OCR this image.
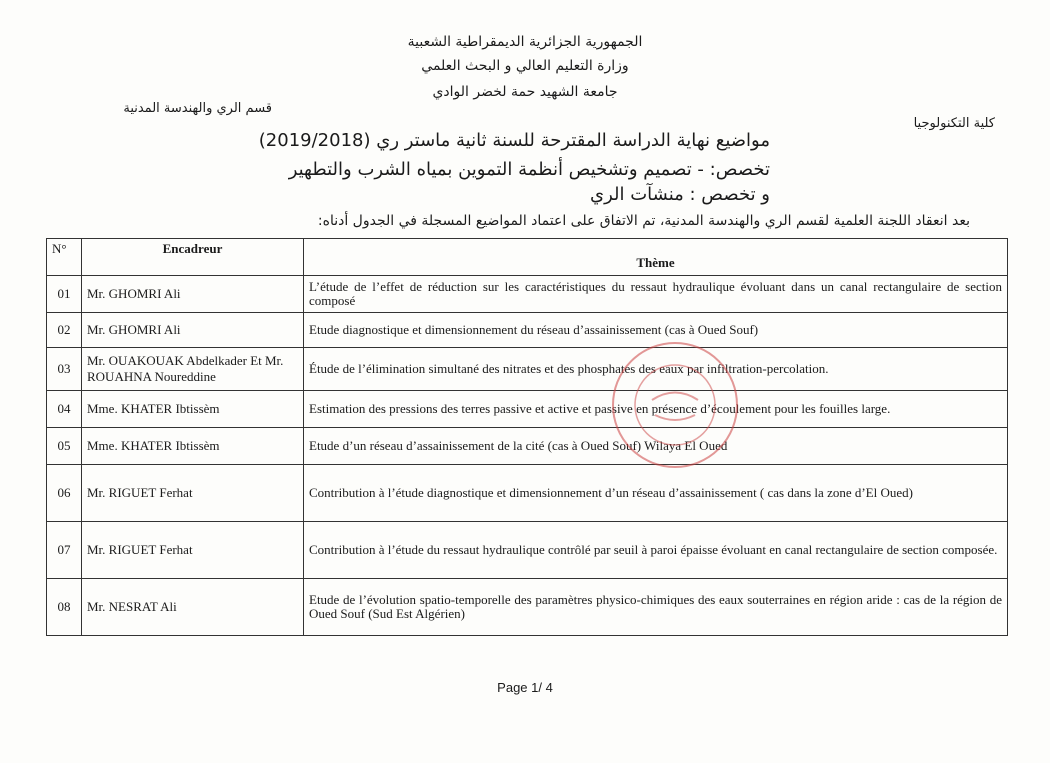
الجمهورية الجزائرية الديمقراطية الشعبية
وزارة التعليم العالي و البحث العلمي
جامعة الشهيد حمة لخضر الوادي
قسم الري والهندسة المدنية
كلية التكنولوجيا
مواضيع نهاية الدراسة المقترحة للسنة ثانية ماستر ري (2019/2018)
تخصص: - تصميم وتشخيص أنظمة التموين بمياه الشرب والتطهير
و تخصص : منشآت الري
بعد انعقاد اللجنة العلمية لقسم الري والهندسة المدنية، تم الاتفاق على اعتماد المواضيع المسجلة في الجدول أدناه:
N°	Encadreur	Thème
01	Mr. GHOMRI Ali	L’étude de l’effet de réduction sur les caractéristiques du ressaut hydraulique évoluant dans un canal rectangulaire de section composé
02	Mr. GHOMRI Ali	Etude diagnostique et dimensionnement du réseau d’assainissement (cas à Oued Souf)
03	Mr. OUAKOUAK Abdelkader Et Mr. ROUAHNA Noureddine	Étude de l’élimination simultané des nitrates et des phosphates des eaux par infiltration-percolation.
04	Mme. KHATER Ibtissèm	Estimation des pressions des terres passive et active et passive en présence d’écoulement pour les fouilles large.
05	Mme. KHATER Ibtissèm	Etude d’un réseau d’assainissement de la cité (cas à Oued Souf) Wilaya El Oued
06	Mr. RIGUET Ferhat	Contribution à l’étude diagnostique et dimensionnement d’un réseau d’assainissement ( cas dans la zone d’El Oued)
07	Mr. RIGUET Ferhat	Contribution à l’étude du ressaut hydraulique contrôlé par seuil à paroi épaisse évoluant en canal rectangulaire de section composée.
08	Mr. NESRAT Ali	Etude de l’évolution spatio-temporelle des paramètres physico-chimiques des eaux souterraines en région aride : cas de la région de Oued Souf (Sud Est Algérien)
Page 1/ 4
